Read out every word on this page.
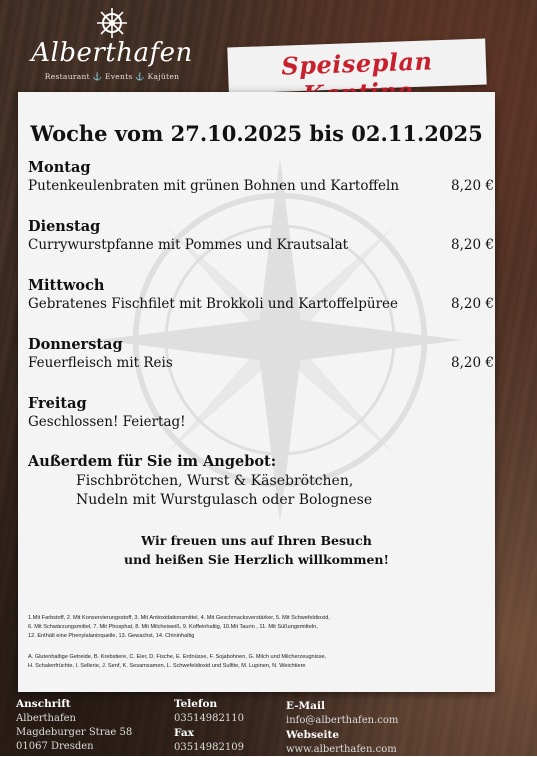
Alberthafen
Restaurant ⚓ Events ⚓ Kajüten	Speiseplan
Woche vom 27.10.2025 bis 02.11.2025
Montag
Putenkeulenbraten mit grünen Bohnen und Kartoffeln	8,20 €
Dienstag
Currywurstpfanne mit Pommes und Krautsalat	8,20 €
Mittwoch
Gebratenes Fischfilet mit Brokkoli und Kartoffelpüree	8,20 €
Donnerstag
Feuerfleisch mit Reis	8,20 €
Freitag
Geschlossen! Feiertag!
Außerdem für Sie im Angebot:
Fischbrötchen, Wurst & Käsebrötchen,
Nudeln mit Wurstgulasch oder Bolognese
Wir freuen uns auf Ihren Besuch
und heißen Sie Herzlich willkommen!
1.Mit Farbstoff, 2. Mit Konservierungsstoff, 3. Mit Antioxidationsmittel, 4. Mit Geschmacksverstärker, 5. Mit Schwefeldioxid,
6. Mit Schwärzungsmittel, 7. Mit Phosphat, 8. Mit Milcheiweiß, 9. Koffeinhaltig, 10.Mit Taurin , 11. Mit Süßungsmitteln,
12. Enthält eine Phenylalaninquelle, 13. Gewachst, 14. Chininhaltig
A. Glutenhaltige Getreide, B. Krebstiere, C. Eier, D. Fische, E. Erdnüsse, F. Sojabohnen, G. Milch und Milcherzeugnisse,
H. Schalenfrüchte, I. Sellerie, J. Senf, K. Sesamsamen, L. Schwefeldioxid und Sulfite, M. Lupinen, N. Weichtiere
Anschrift
Alberthafen
Magdeburger Strae 58
01067 Dresden
Telefon
03514982110
Fax
03514982109
E-Mail
info@alberthafen.com
Webseite
www.alberthafen.com
